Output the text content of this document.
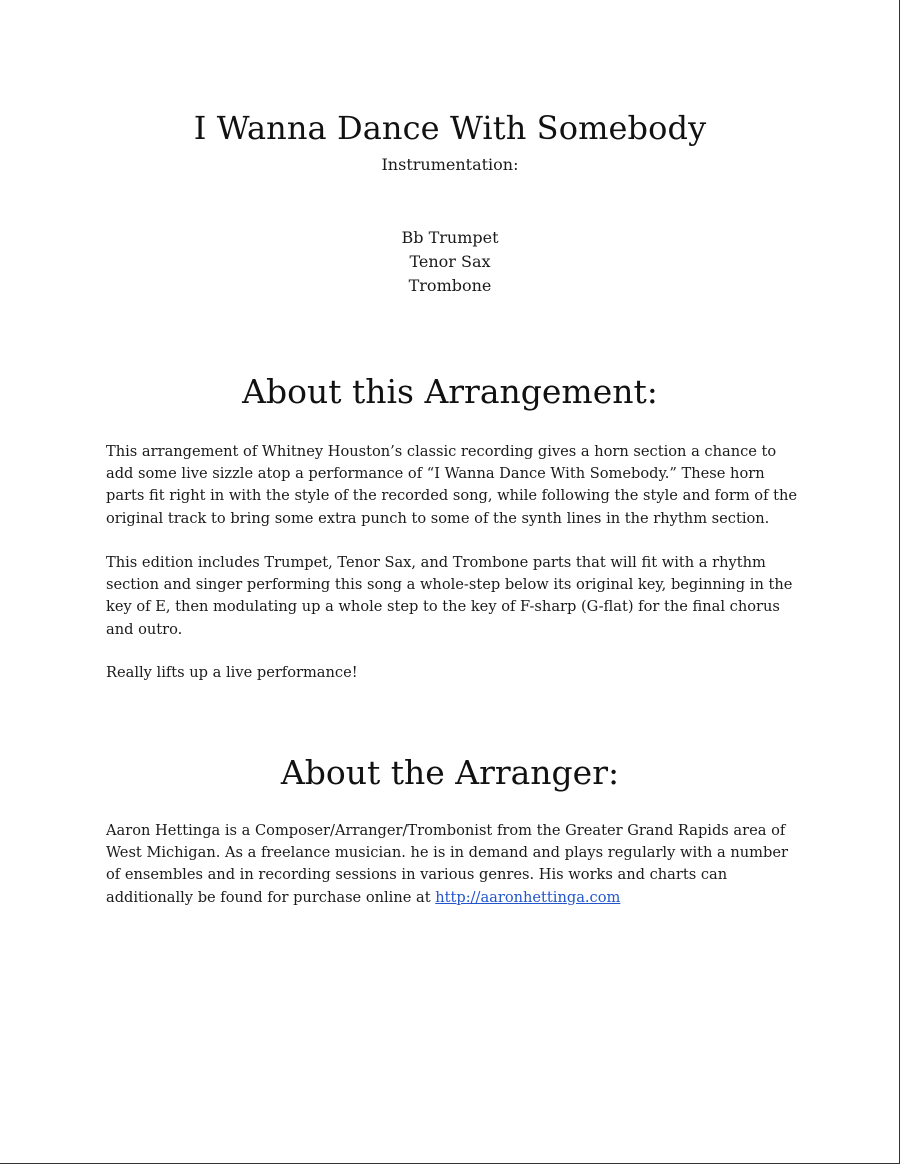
I Wanna Dance With Somebody
Instrumentation:
Bb Trumpet
Tenor Sax
Trombone
About this Arrangement:

This arrangement of Whitney Houston’s classic recording gives a horn section a chance to add some live sizzle atop a performance of “I Wanna Dance With Somebody.” These horn parts fit right in with the style of the recorded song, while following the style and form of the original track to bring some extra punch to some of the synth lines in the rhythm section.

This edition includes Trumpet, Tenor Sax, and Trombone parts that will fit with a rhythm section and singer performing this song a whole-step below its original key, beginning in the key of E, then modulating up a whole step to the key of F-sharp (G-flat) for the final chorus and outro.

Really lifts up a live performance!

About the Arranger:

Aaron Hettinga is a Composer/Arranger/Trombonist from the Greater Grand Rapids area of West Michigan. As a freelance musician. he is in demand and plays regularly with a number of ensembles and in recording sessions in various genres. His works and charts can additionally be found for purchase online at http://aaronhettinga.com
